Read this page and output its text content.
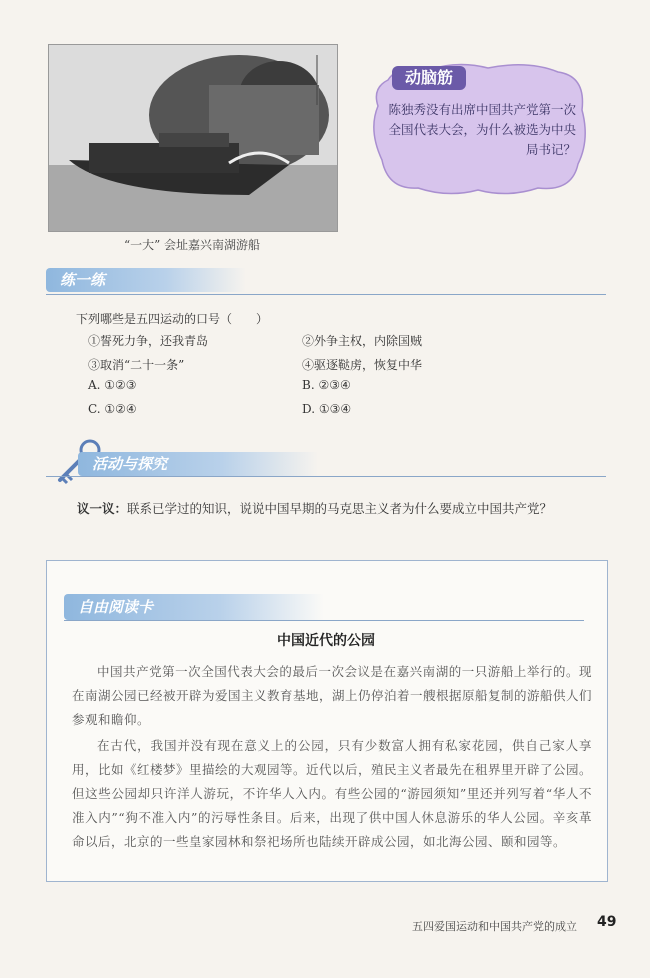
“一大” 会址嘉兴南湖游船
动脑筋
陈独秀没有出席中国共产党第一次全国代表大会，为什么被选为中央局书记？
练一练
下列哪些是五四运动的口号（　　）
①誓死力争，还我青岛	②外争主权，内除国贼
③取消“二十一条”	④驱逐鞑虏，恢复中华
A. ①②③	B. ②③④
C. ①②④	D. ①③④
活动与探究
议一议：联系已学过的知识，说说中国早期的马克思主义者为什么要成立中国共产党？
自由阅读卡
中国近代的公园
中国共产党第一次全国代表大会的最后一次会议是在嘉兴南湖的一只游船上举行的。现在南湖公园已经被开辟为爱国主义教育基地，湖上仍停泊着一艘根据原船复制的游船供人们参观和瞻仰。
在古代，我国并没有现在意义上的公园，只有少数富人拥有私家花园，供自己家人享用，比如《红楼梦》里描绘的大观园等。近代以后，殖民主义者最先在租界里开辟了公园。但这些公园却只许洋人游玩，不许华人入内。有些公园的“游园须知”里还并列写着“华人不准入内”“狗不准入内”的污辱性条目。后来，出现了供中国人休息游乐的华人公园。辛亥革命以后，北京的一些皇家园林和祭祀场所也陆续开辟成公园，如北海公园、颐和园等。
五四爱国运动和中国共产党的成立 49
